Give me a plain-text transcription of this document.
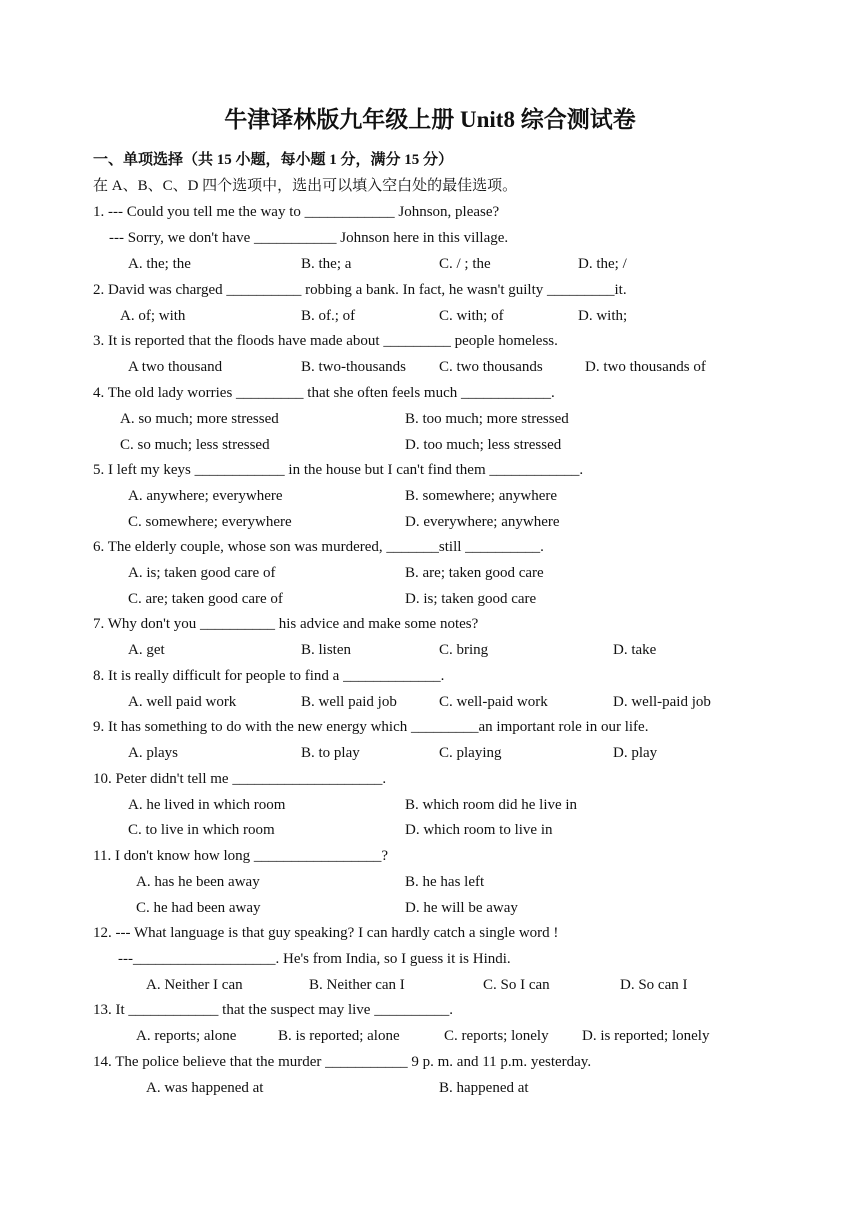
牛津译林版九年级上册 Unit8 综合测试卷
一、单项选择（共 15 小题，每小题 1 分，满分 15 分）
在 A、B、C、D 四个选项中，选出可以填入空白处的最佳选项。
1. --- Could you tell me the way to ____________ Johnson, please?
--- Sorry, we don't have ___________ Johnson here in this village.
A. the; the	B. the; a	C. / ; the	D. the; /
2. David was charged __________ robbing a bank. In fact, he wasn't guilty _________it.
A. of; with	B. of.; of	C. with; of	D. with;
3. It is reported that the floods have made about _________ people homeless.
A two thousand	B. two-thousands C. two thousands	D. two thousands of
4. The old lady worries _________ that she often feels much ____________.
A. so much; more stressed	B. too much; more stressed
C. so much; less stressed	D. too much; less stressed
5. I left my keys ____________ in the house but I can't find them ____________.
A. anywhere; everywhere	B. somewhere; anywhere
C. somewhere; everywhere	D. everywhere; anywhere
6. The elderly couple, whose son was murdered, _______still __________.
A. is; taken good care of	B. are; taken good care
C. are; taken good care of	D. is; taken good care
7. Why don't you __________ his advice and make some notes?
A. get	B. listen	C. bring	D. take
8. It is really difficult for people to find a _____________.
A. well paid work	B. well paid job	C. well-paid work	D. well-paid job
9. It has something to do with the new energy which _________an important role in our life.
A. plays	B. to play	C. playing	D. play
10. Peter didn't tell me ____________________.
A. he lived in which room	B. which room did he live in
C. to live in which room	D. which room to live in
11. I don't know how long _________________?
A. has he been away	B. he has left
C. he had been away	D. he will be away
12. --- What language is that guy speaking? I can hardly catch a single word !
---___________________. He's from India, so I guess it is Hindi.
A. Neither I can	B. Neither can I	C. So I can	D. So can I
13. It ____________ that the suspect may live __________.
A. reports; alone	B. is reported; alone	C. reports; lonely D. is reported; lonely
14. The police believe that the murder ___________ 9 p. m. and 11 p.m. yesterday.
A. was happened at	B. happened at
